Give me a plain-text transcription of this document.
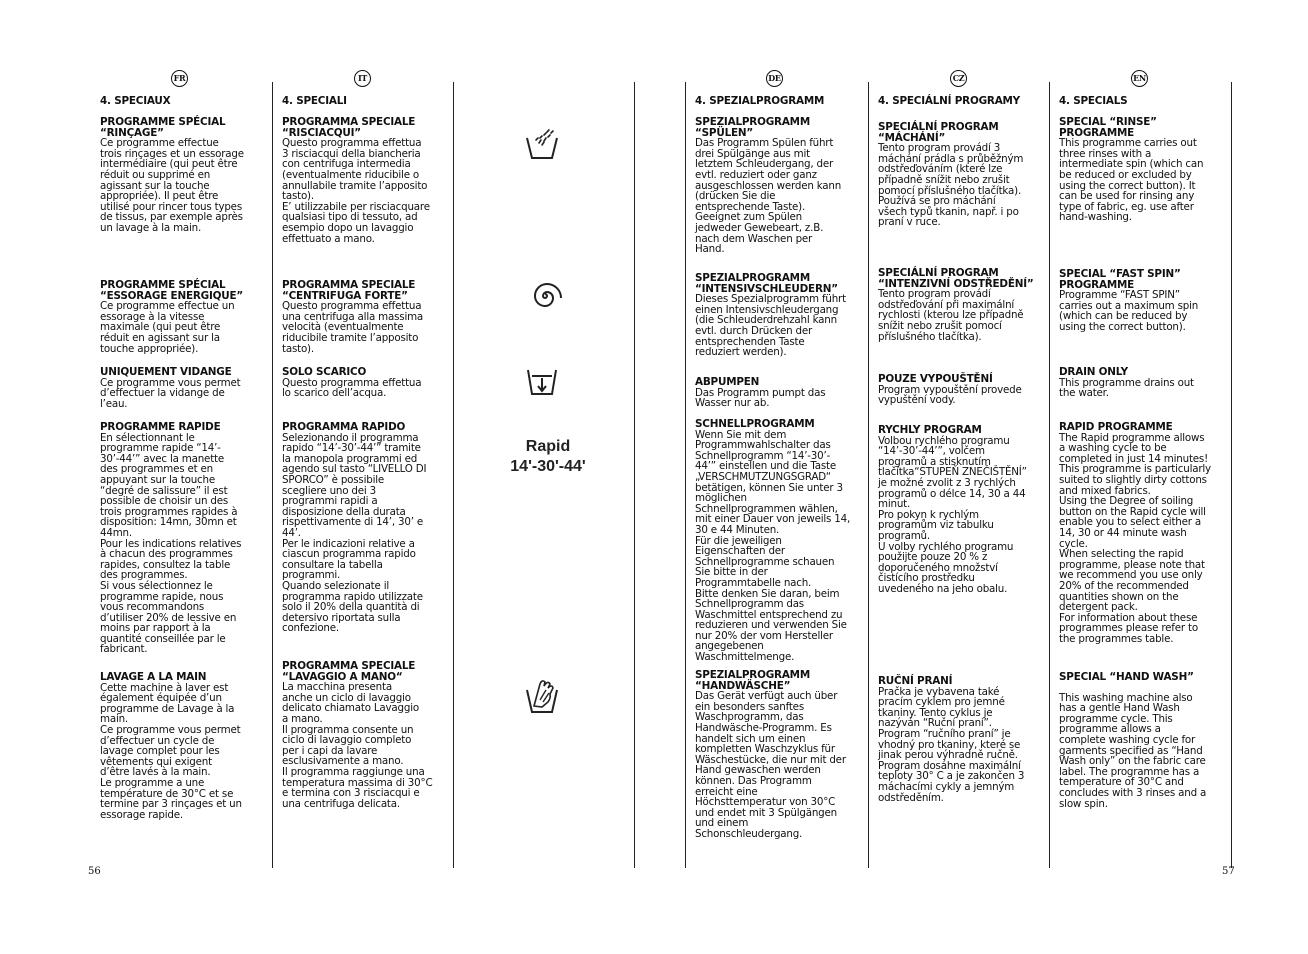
FR	IT	DE	CZ	EN

4. SPECIAUX

PROGRAMME SPÉCIAL
“RINÇAGE”

Ce programme effectue
trois rinçages et un essorage
intermédiaire (qui peut être
réduit ou supprimé en
agissant sur la touche
appropriée). Il peut être
utilisé pour rincer tous types
de tissus, par exemple après
un lavage à la main.

PROGRAMME SPÉCIAL
“ESSORAGE ENERGIQUE”

Ce programme effectue un
essorage à la vitesse
maximale (qui peut être
réduit en agissant sur la
touche appropriée).

UNIQUEMENT VIDANGE

Ce programme vous permet
d’effectuer la vidange de
l’eau.

PROGRAMME RAPIDE

En sélectionnant le
programme rapide “14’-
30’-44’” avec la manette
des programmes et en
appuyant sur la touche
“degré de salissure” il est
possible de choisir un des
trois programmes rapides à
disposition: 14mn, 30mn et
44mn.
Pour les indications relatives
à chacun des programmes
rapides, consultez la table
des programmes.
Si vous sélectionnez le
programme rapide, nous
vous recommandons
d’utiliser 20% de lessive en
moins par rapport à la
quantité conseillée par le
fabricant.

LAVAGE A LA MAIN

Cette machine à laver est
également équipée d’un
programme de Lavage à la
main.
Ce programme vous permet
d’effectuer un cycle de
lavage complet pour les
vêtements qui exigent
d’être lavés à la main.
Le programme a une
température de 30°C et se
termine par 3 rinçages et un
essorage rapide.

4. SPECIALI

PROGRAMMA SPECIALE
“RISCIACQUI”

Questo programma effettua
3 risciacqui della biancheria
con centrifuga intermedia
(eventualmente riducibile o
annullabile tramite l’apposito
tasto).
E’ utilizzabile per risciacquare
qualsiasi tipo di tessuto, ad
esempio dopo un lavaggio
effettuato a mano.

PROGRAMMA SPECIALE
“CENTRIFUGA FORTE”

Questo programma effettua
una centrifuga alla massima
velocità (eventualmente
riducibile tramite l’apposito
tasto).

SOLO SCARICO

Questo programma effettua
lo scarico dell’acqua.

PROGRAMMA RAPIDO

Selezionando il programma
rapido “14’-30’-44’” tramite
la manopola programmi ed
agendo sul tasto “LIVELLO DI
SPORCO” è possibile
scegliere uno dei 3
programmi rapidi a
disposizione della durata
rispettivamente di 14’, 30’ e
44’.
Per le indicazioni relative a
ciascun programma rapido
consultare la tabella
programmi.
Quando selezionate il
programma rapido utilizzate
solo il 20% della quantità di
detersivo riportata sulla
confezione.

PROGRAMMA SPECIALE
“LAVAGGIO A MANO“

La macchina presenta
anche un ciclo di lavaggio
delicato chiamato Lavaggio
a mano.
Il programma consente un
ciclo di lavaggio completo
per i capi da lavare
esclusivamente a mano.
Il programma raggiunge una
temperatura massima di 30°C
e termina con 3 risciacqui e
una centrifuga delicata.

Rapid
14'-30'-44'

4. SPEZIALPROGRAMM

SPEZIALPROGRAMM “SPÜLEN”

Das Programm Spülen führt
drei Spülgänge aus mit
letztem Schleudergang, der
evtl. reduziert oder ganz
ausgeschlossen werden kann
(drücken Sie die
entsprechende Taste).
Geeignet zum Spülen
jedweder Gewebeart, z.B.
nach dem Waschen per
Hand.

SPEZIALPROGRAMM
“INTENSIVSCHLEUDERN”

Dieses Spezialprogramm führt
einen Intensivschleudergang
(die Schleuderdrehzahl kann
evtl. durch Drücken der
entsprechenden Taste
reduziert werden).

ABPUMPEN

Das Programm pumpt das
Wasser nur ab.

SCHNELLPROGRAMM

Wenn Sie mit dem
Programmwahlschalter das
Schnellprogramm “14’-30’-
44’” einstellen und die Taste
„VERSCHMUTZUNGSGRAD“
betätigen, können Sie unter 3
möglichen
Schnellprogrammen wählen,
mit einer Dauer von jeweils 14,
30 e 44 Minuten.
Für die jeweiligen
Eigenschaften der
Schnellprogramme schauen
Sie bitte in der
Programmtabelle nach.
Bitte denken Sie daran, beim
Schnellprogramm das
Waschmittel entsprechend zu
reduzieren und verwenden Sie
nur 20% der vom Hersteller
angegebenen
Waschmittelmenge.

SPEZIALPROGRAMM
“HANDWÄSCHE”

Das Gerät verfügt auch über
ein besonders sanftes
Waschprogramm, das
Handwäsche-Programm. Es
handelt sich um einen
kompletten Waschzyklus für
Wäschestücke, die nur mit der
Hand gewaschen werden
können. Das Programm
erreicht eine
Höchsttemperatur von 30°C
und endet mit 3 Spülgängen
und einem
Schonschleudergang.

4. SPECIÁLNÍ PROGRAMY

SPECIÁLNÍ PROGRAM
“MÁCHÁNÍ”

Tento program provádí 3
máchání prádla s průběžným
odstřeďováním (které lze
případně snížit nebo zrušit
pomocí příslušného tlačítka).
Používá se pro máchání
všech typů tkanin, např. i po
praní v ruce.

SPECIÁLNÍ PROGRAM
“INTENZIVNÍ ODSTŘEDĚNÍ”

Tento program provádí
odstřeďování při maximální
rychlosti (kterou lze případně
snížit nebo zrušit pomocí
příslušného tlačítka).

POUZE VYPOUŠTĚNÍ

Program vypouštění provede
vypuštění vody.

RYCHLY PROGRAM

Volbou rychlého programu
“14’-30’-44’”, volčem
programů a stisknutím
tlačítka“STUPEŇ ZNEČIŠTĚNÍ”
je možné zvolit z 3 rychlých
programů o délce 14, 30 a 44
minut.
Pro pokyn k rychlým
programům viz tabulku
programů.
U volby rychlého programu
použijte pouze 20 % z
doporučeného množství
čistícího prostředku
uvedeného na jeho obalu.

RUČNÍ PRANÍ

Pračka je vybavena také
pracím cyklem pro jemné
tkaniny. Tento cyklus je
nazýván “Ruční praní”.
Program “ručního praní” je
vhodný pro tkaniny, které se
jinak perou výhradně ručně.
Program dosáhne maximální
teploty 30° C a je zakončen 3
máchacími cykly a jemným
odstředěním.

4. SPECIALS

SPECIAL “RINSE” PROGRAMME

This programme carries out
three rinses with a
intermediate spin (which can
be reduced or excluded by
using the correct button). It
can be used for rinsing any
type of fabric, eg. use after
hand-washing.

SPECIAL “FAST SPIN”
PROGRAMME

Programme “FAST SPIN”
carries out a maximum spin
(which can be reduced by
using the correct button).

DRAIN ONLY

This programme drains out
the water.

RAPID PROGRAMME

The Rapid programme allows
a washing cycle to be
completed in just 14 minutes!
This programme is particularly
suited to slightly dirty cottons
and mixed fabrics.
Using the Degree of soiling
button on the Rapid cycle will
enable you to select either a
14, 30 or 44 minute wash
cycle.
When selecting the rapid
programme, please note that
we recommend you use only
20% of the recommended
quantities shown on the
detergent pack.
For information about these
programmes please refer to
the programmes table.

SPECIAL “HAND WASH”

This washing machine also
has a gentle Hand Wash
programme cycle. This
programme allows a
complete washing cycle for
garments specified as “Hand
Wash only” on the fabric care
label. The programme has a
temperature of 30°C and
concludes with 3 rinses and a
slow spin.

56	57
